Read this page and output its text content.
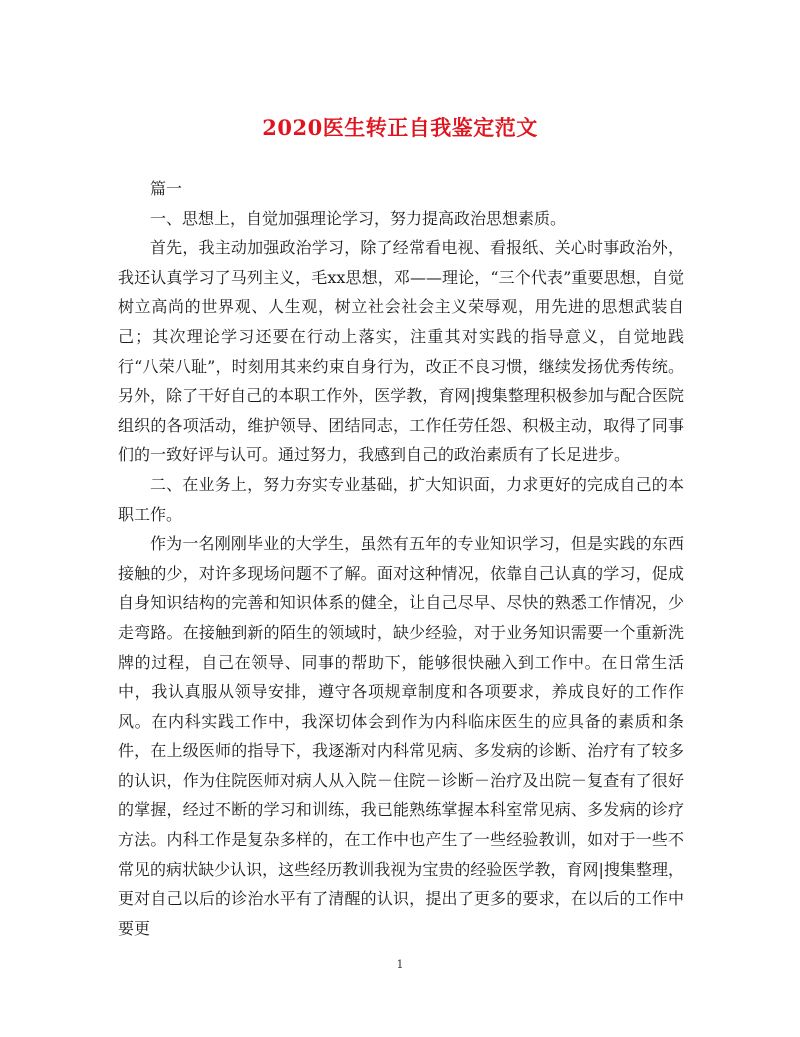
2020医生转正自我鉴定范文

篇一

一、思想上，自觉加强理论学习，努力提高政治思想素质。

首先，我主动加强政治学习，除了经常看电视、看报纸、关心时事政治外，我还认真学习了马列主义，毛xx思想，邓——理论，“三个代表”重要思想，自觉树立高尚的世界观、人生观，树立社会社会主义荣辱观，用先进的思想武装自己；其次理论学习还要在行动上落实，注重其对实践的指导意义，自觉地践行“八荣八耻”，时刻用其来约束自身行为，改正不良习惯，继续发扬优秀传统。另外，除了干好自己的本职工作外，医学教，育网|搜集整理积极参加与配合医院组织的各项活动，维护领导、团结同志，工作任劳任怨、积极主动，取得了同事们的一致好评与认可。通过努力，我感到自己的政治素质有了长足进步。

二、在业务上，努力夯实专业基础，扩大知识面，力求更好的完成自己的本职工作。

作为一名刚刚毕业的大学生，虽然有五年的专业知识学习，但是实践的东西接触的少，对许多现场问题不了解。面对这种情况，依靠自己认真的学习，促成自身知识结构的完善和知识体系的健全，让自己尽早、尽快的熟悉工作情况，少走弯路。在接触到新的陌生的领域时，缺少经验，对于业务知识需要一个重新洗牌的过程，自己在领导、同事的帮助下，能够很快融入到工作中。在日常生活中，我认真服从领导安排，遵守各项规章制度和各项要求，养成良好的工作作风。在内科实践工作中，我深切体会到作为内科临床医生的应具备的素质和条件，在上级医师的指导下，我逐渐对内科常见病、多发病的诊断、治疗有了较多的认识，作为住院医师对病人从入院－住院－诊断－治疗及出院－复查有了很好的掌握，经过不断的学习和训练，我已能熟练掌握本科室常见病、多发病的诊疗方法。内科工作是复杂多样的，在工作中也产生了一些经验教训，如对于一些不常见的病状缺少认识，这些经历教训我视为宝贵的经验医学教，育网|搜集整理，更对自己以后的诊治水平有了清醒的认识，提出了更多的要求，在以后的工作中要更

1
